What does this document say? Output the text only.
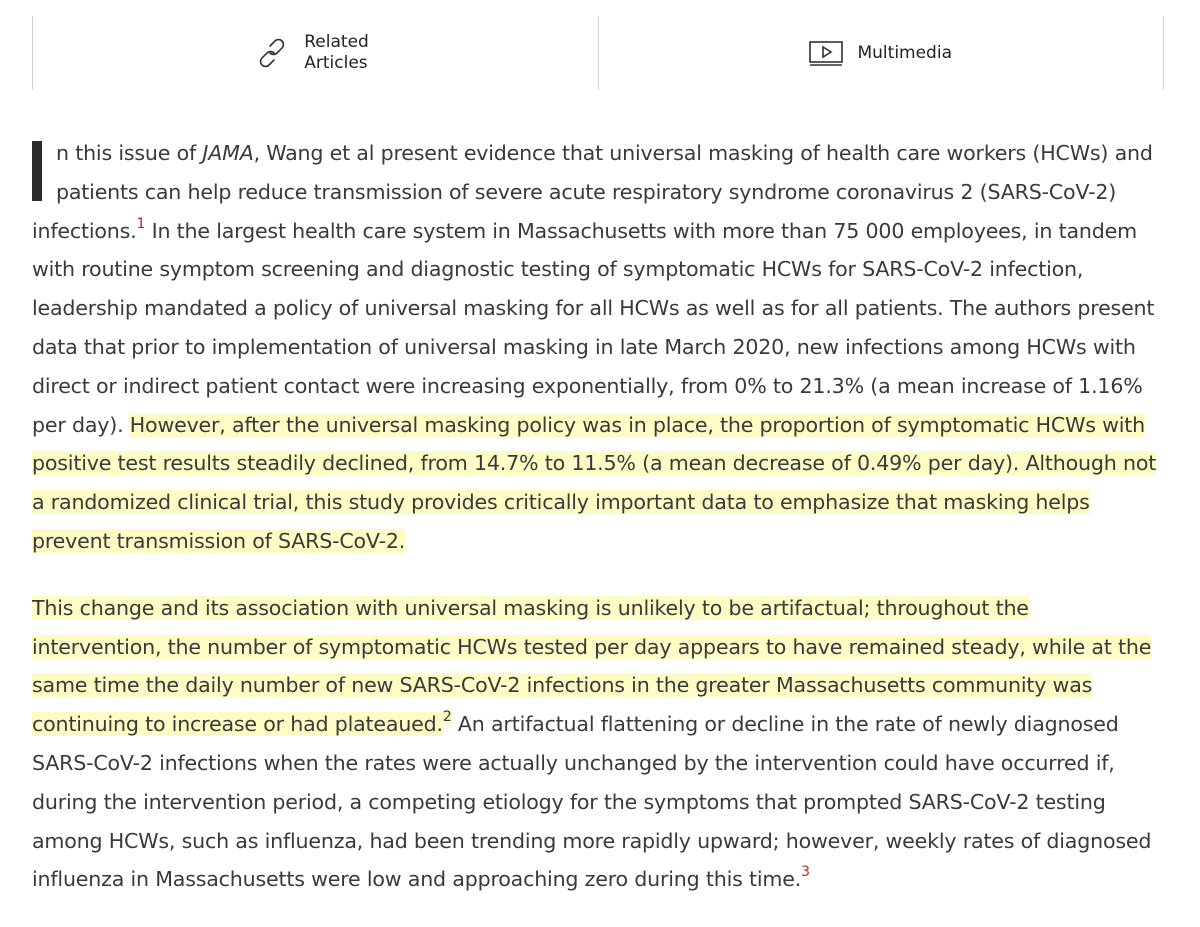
Related
Articles
Multimedia

n this issue of JAMA, Wang et al present evidence that universal masking of health care workers (HCWs) and patients can help reduce transmission of severe acute respiratory syndrome coronavirus 2 (SARS-CoV-2) infections.$^1$ In the largest health care system in Massachusetts with more than 75 000 employees, in tandem with routine symptom screening and diagnostic testing of symptomatic HCWs for SARS-CoV-2 infection, leadership mandated a policy of universal masking for all HCWs as well as for all patients. The authors present data that prior to implementation of universal masking in late March 2020, new infections among HCWs with direct or indirect patient contact were increasing exponentially, from 0% to 21.3% (a mean increase of 1.16% per day). However, after the universal masking policy was in place, the proportion of symptomatic HCWs with positive test results steadily declined, from 14.7% to 11.5% (a mean decrease of 0.49% per day). Although not a randomized clinical trial, this study provides critically important data to emphasize that masking helps prevent transmission of SARS-CoV-2.

This change and its association with universal masking is unlikely to be artifactual; throughout the intervention, the number of symptomatic HCWs tested per day appears to have remained steady, while at the same time the daily number of new SARS-CoV-2 infections in the greater Massachusetts community was continuing to increase or had plateaued.$^2$ An artifactual flattening or decline in the rate of newly diagnosed SARS-CoV-2 infections when the rates were actually unchanged by the intervention could have occurred if, during the intervention period, a competing etiology for the symptoms that prompted SARS-CoV-2 testing among HCWs, such as influenza, had been trending more rapidly upward; however, weekly rates of diagnosed influenza in Massachusetts were low and approaching zero during this time.$^3$
